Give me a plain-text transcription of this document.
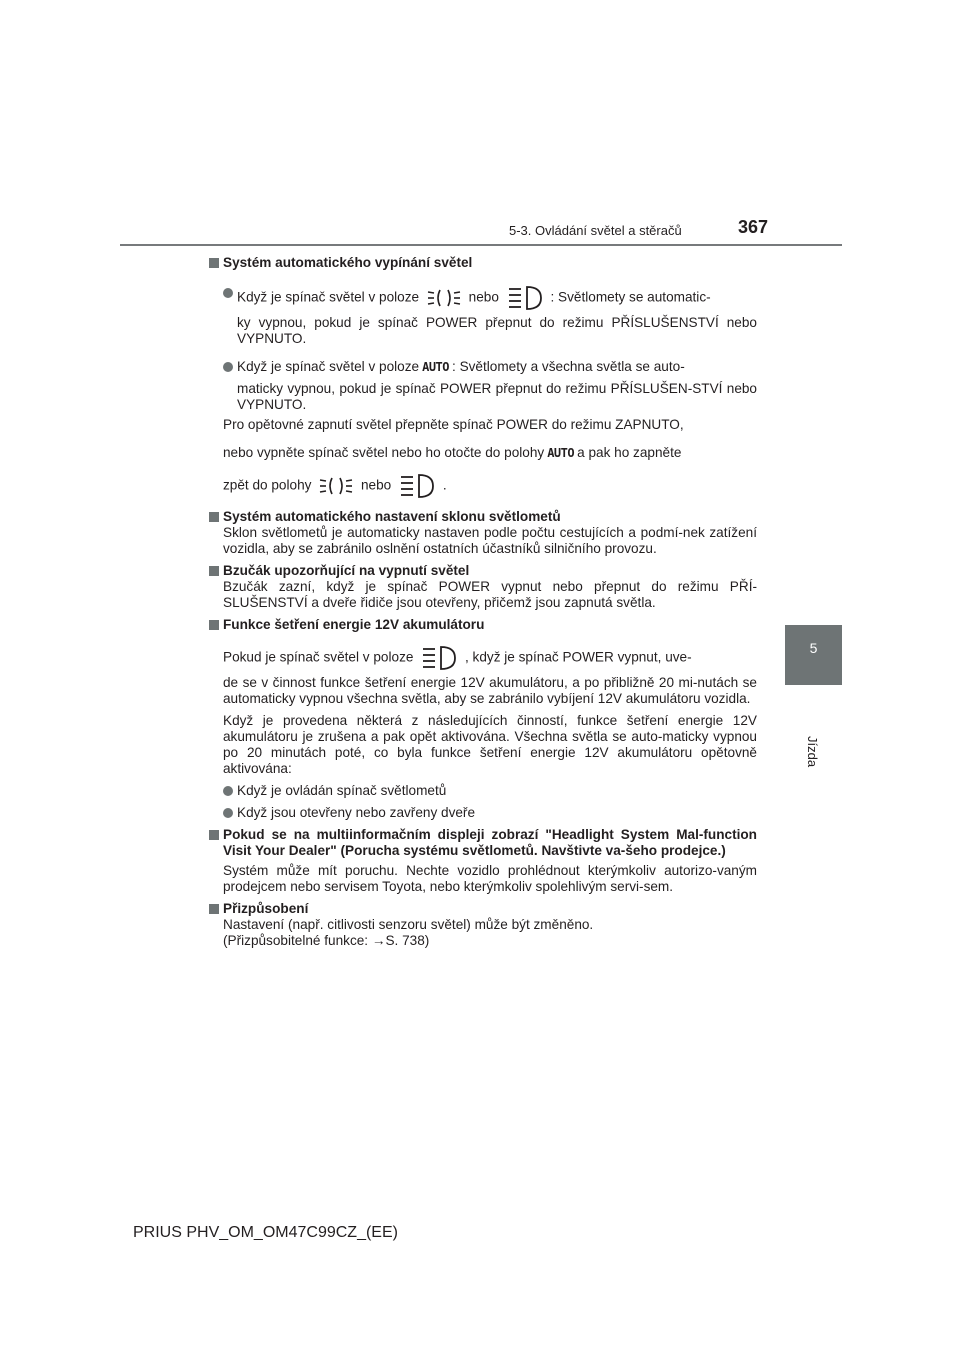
5-3. Ovládání světel a stěračů	367
5
Jízda
Systém automatického vypínání světel
Když je spínač světel v poloze	nebo	: Světlomety se automatic-
ky vypnou, pokud je spínač POWER přepnut do režimu PŘÍSLUŠENSTVÍ nebo VYPNUTO.
Když je spínač světel v poloze AUTO : Světlomety a všechna světla se auto-
maticky vypnou, pokud je spínač POWER přepnut do režimu PŘÍSLUŠEN-STVÍ nebo VYPNUTO.
Pro opětovné zapnutí světel přepněte spínač POWER do režimu ZAPNUTO,
nebo vypněte spínač světel nebo ho otočte do polohy AUTO a pak ho zapněte
zpět do polohy	nebo	.
Systém automatického nastavení sklonu světlometů
Sklon světlometů je automaticky nastaven podle počtu cestujících a podmí-nek zatížení vozidla, aby se zabránilo oslnění ostatních účastníků silničního provozu.
Bzučák upozorňující na vypnutí světel
Bzučák zazní, když je spínač POWER vypnut nebo přepnut do režimu PŘÍ-SLUŠENSTVÍ a dveře řidiče jsou otevřeny, přičemž jsou zapnutá světla.
Funkce šetření energie 12V akumulátoru
Pokud je spínač světel v poloze	, když je spínač POWER vypnut, uve-
de se v činnost funkce šetření energie 12V akumulátoru, a po přibližně 20 mi-nutách se automaticky vypnou všechna světla, aby se zabránilo vybíjení 12V akumulátoru vozidla.
Když je provedena některá z následujících činností, funkce šetření energie 12V akumulátoru je zrušena a pak opět aktivována. Všechna světla se auto-maticky vypnou po 20 minutách poté, co byla funkce šetření energie 12V akumulátoru opětovně aktivována:
Když je ovládán spínač světlometů
Když jsou otevřeny nebo zavřeny dveře
Pokud se na multiinformačním displeji zobrazí "Headlight System Mal-function Visit Your Dealer" (Porucha systému světlometů. Navštivte va-šeho prodejce.)
Systém může mít poruchu. Nechte vozidlo prohlédnout kterýmkoliv autorizo-vaným prodejcem nebo servisem Toyota, nebo kterýmkoliv spolehlivým servi-sem.
Přizpůsobení
Nastavení (např. citlivosti senzoru světel) může být změněno.
(Přizpůsobitelné funkce: →S. 738)
PRIUS PHV_OM_OM47C99CZ_(EE)
